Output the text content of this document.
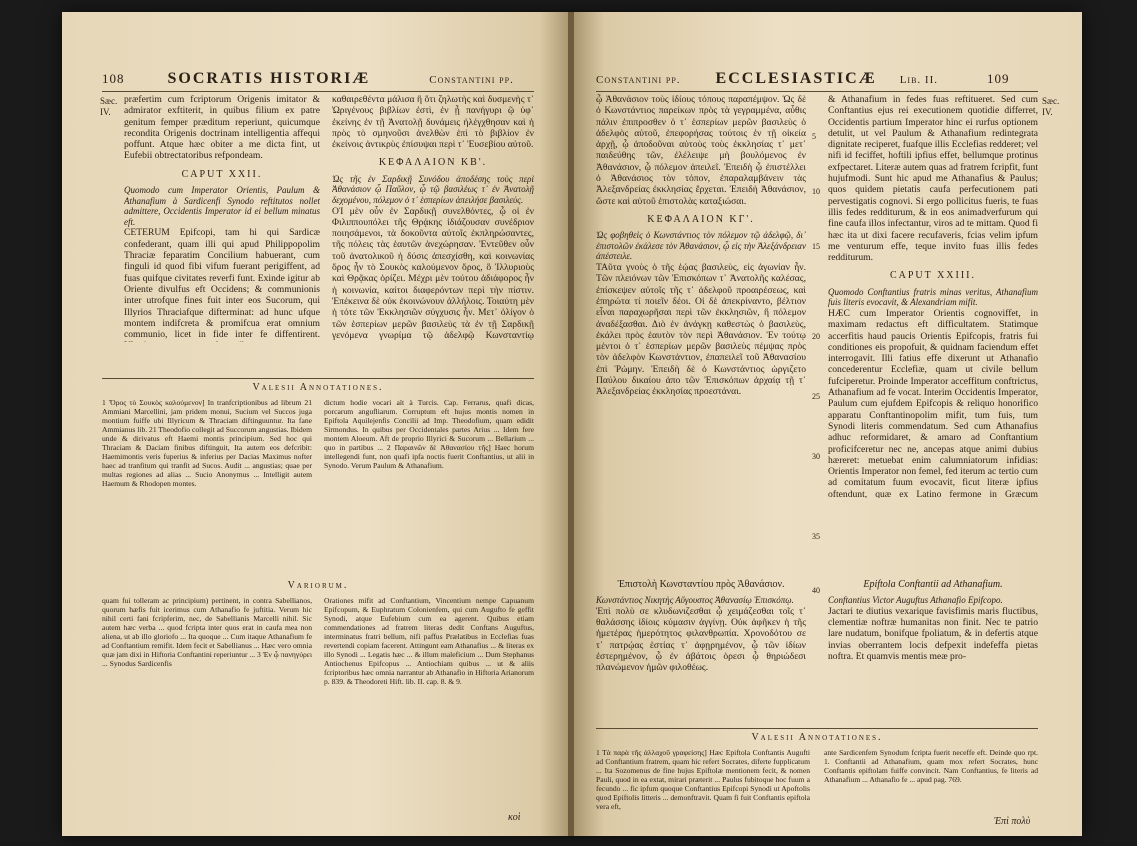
108	SOCRATIS HISTORIÆ	Constantini pp.
Sæc. IV.

præfertim cum fcriptorum Origenis imitator & admirator exftiterit, in quibus filium ex patre genitum femper præditum reperiunt, quicumque recondita Origenis doctrinam intelligentia affequi poffunt. Atque hæc obiter a me dicta fint, ut Eufebii obtrectatoribus refpondeam.

CAPUT XXII.

Quomodo cum Imperator Orientis, Paulum & Athanafium à Sardicenfi Synodo reftitutos nollet admittere, Occidentis Imperator id ei bellum minatus eft.

CETERUM Epifcopi, tam hi qui Sardicæ confederant, quam illi qui apud Philippopolim Thraciæ feparatim Concilium habuerant, cum finguli id quod fibi vifum fuerant perigiffent, ad fuas quifque civitates reverfi funt. Exinde igitur ab Oriente divulfus eft Occidens; & communionis inter utrofque fines fuit inter eos Sucorum, qui Illyrios Thraciafque difterminat: ad hunc ufque montem indifcreta & promifcua erat omnium communio, licet in fide inter fe diffentirent.

καθαιρεθέντα μάλισα ἢ ὅτι ζηλωτὴς καὶ δυσμενὴς τ᾽ Ὠριγένους βιβλίων ἐστὶ, ἐν ᾗ πανήγυρι ῷ ὑφ᾽ ἐκείνης ἐν τῇ Ἀνατολῇ δυνάμεις ἠλέγχθησαν καὶ ἡ πρὸς τὸ σμηνοῦσι ἀνελθὼν ἐπὶ τὸ βιβλίον ἐν ἐκείνοις ἀντικρὺς ἐπίσυψαι περὶ τ᾽ Ἐυσεβίου αὐτοῦ.

ΚΕΦΑΛΑΙΟΝ ΚΒ'.

Ὡς τῆς ἐν Σαρδικῇ Συνόδου ἀποδέσης τοὺς περὶ Ἀθανάσιον ᾧ Παῦλον, ᾧ τῷ βασιλέως τ᾽ ἐν Ἀνατολῇ δεχομένου, πόλεμον ὁ τ᾽ ἑσπερίων ἀπειλήσε βασιλεύς.

ΟἹ μὲν οὖν ἐν Σαρδικῇ συνελθόντες, ᾧ οἱ ἐν Φιλιππουπόλει τῆς Θρᾴκης ἰδιάζουσαν συνέδριον ποιησάμενοι, τὰ δοκοῦντα αὐτοῖς ἐκπληρώσαντες, τῆς πόλεις τὰς ἑαυτῶν ἀνεχώρησαν. Ἐντεῦθεν οὖν τοῦ ἀνατολικοῦ ἡ δύσις ἀπεσχίσθη, καὶ κοινωνίας ὅρος ἦν τὸ Σουκὸς καλούμενον ὄρος, ὃ Ἰλλυριοὺς καὶ Θρᾷκας ὁρίζει. Μέχρι μὲν τούτου ἀδιάφορος ἦν ἡ κοινωνία, καίτοι διαφερόντων περὶ τὴν πίστιν. Ἐπέκεινα δὲ οὐκ ἐκοινώνουν ἀλλήλοις. Τοιαύτη μὲν ἡ τότε τῶν Ἐκκλησιῶν σύγχυσις ἦν. Μετ᾽ ὀλίγον ὁ τῶν ἑσπερίων μερῶν βασιλεὺς τὰ ἐν τῇ Σαρδικῇ γενόμενα γνωρίμα τῷ ἀδελφῷ Κωνσταντίῳ

Valesii Annotationes.

1 Ὅρος τὸ Σουκὸς καλούμενον] In tranfcriptionibus ad librum 21 Ammiani Marcellini, jam pridem monui, Sucium vel Succos juga montium fuiffe ubi Illyricum & Thraciam diftinguuntur. Ita fane Ammianus lib. 21 Theodofio collegit ad Succorum angustias. Ibidem unde & dirivatus eft Haemi montis principium. Sed hoc qui Thraciam & Daciam finibus diftinguit, Ita autem eos defcribit: Haemimontis veris fuperius & inferius per Dacias Maximus nofter haec ad tranfitum qui tranfit ad Sucos. Audit ... angustias; quae per multas regiones ad alias ... Sucio Anonymus ... Intelligit autem Haemum & Rhodopen montes.

dictum hodie vocari aït à Turcis. Cap. Ferrarus, quafi dicas, porcarum angufliarum. Corruptum eft hujus montis nomen in Epiftola Aquilejenfis Concilii ad Imp. Theodofium, quam edidit Sirmondus. In quibus per Occidentales partes Arius ... Idem fere montem Aloeum. Aft de proprio Illyrici & Sucorum ... Bellarium ... quo in partibus ... 2 Παραινῶν δὲ Ἀθανασίου τῆς] Haec horum intellegendi funt, non quafi ipfa noctis fuerit Conftantius, ut alii in Synodo. Verum Paulum & Athanafium.

Variorum.

quam fui tolleram ac principium) pertinent, in contra Sabellianos, quorum hæfis fuit icerimus cum Athanafio fe juftitia. Verum hic nihil certi fani fcripferim, nec, de Sabellianis Marcelli nihil. Sic autem hæc verba ... quod fcripta inter quos erat in caufa mea non aliena, ut ab illo gloriofo ... Ita quoque ... Cum itaque Athanafium fe ad Conftantium remifit. Idem fecit et Sabellianus ... Hæc vero omnia quæ jam dixi in Hiftoria Conftantini reperiuntur ... 3 Ἐν ᾧ πανηγύρει ... Synodus Sardicenfis

Orationes mifit ad Conftantium, Vincentium nempe Capuanum Epifcopum, & Euphratum Colonienfem, qui cum Augufto fe geffit Synodi, atque Eufebium cum ea agerent. Quibus etiam commendationes ad fratrem literas dedit Conftans Auguftus, interminatus fratri bellum, nifi paffus Prælatibus in Ecclefias fuas revertendi copiam facerent. Attingunt eam Athanafius ... & literas ex illo Synodi ... Legatis hæc ... & illum maleficium ... Dum Stephanus Antiochenus Epifcopus ... Antiochiam quibus ... ut & aliis fcriptoribus hæc omnia narrantur ab Athanafio in Hiftoria Arianorum p. 839. & Theodoreti Hift. lib. II. cap. 8. & 9.

κοὶ
Constantini pp. ECCLESIASTICÆ Lib. II.	109
Sæc. IV.

ᾧ Ἀθανάσιον τοὺς ἰδίους τόπους παραπέμψον. Ὡς δὲ ὁ Κωνστάντιος παρείκων πρὸς τὰ γεγραμμένα, αὖθις πάλιν ἐπιπροσθεν ὁ τ᾽ ἑσπερίων μερῶν βασιλεὺς ὁ ἀδελφὸς αὐτοῦ, ἐπεφορήσας τούτοις ἐν τῇ οἰκεία ἀρχῇ, ᾧ ἀποδοῦναι αὐτοὺς τοὺς ἐκκλησίας τ᾽ μετ᾽ παιδεύθης τῶν, ἐλέλειψε μὴ βουλόμενος ἐν Ἀθανάσιον, ᾧ πόλεμον ἀπειλεῖ. Ἐπειδὴ ᾧ ἐπιστέλλει ὁ Ἀθανάσιος τὸν τόπον, ἐπαραλαμβάνειν τὰς Ἀλεξανδρείας ἐκκλησίας ἔρχεται. Ἐπειδὴ Ἀθανάσιον, ὥστε καὶ αὐτοῦ ἐπιστολὰς καταξιώσαι.

ΚΕΦΑΛΑΙΟΝ ΚΓ'.

Ὡς φοβηθεὶς ὁ Κωνστάντιος τὸν πόλεμον τῷ ἀδελφῷ, δι᾽ ἐπιστολῶν ἐκάλεσε τὸν Ἀθανάσιον, ᾧ εἰς τὴν Ἀλεξάνδρειαν ἀπέστειλε.

ΤΑῦτα γνοὺς ὁ τῆς ἑῴας βασιλεὺς, εἰς ἀγωνίαν ἦν. Τῶν πλειόνων τῶν Ἐπισκόπων τ᾽ Ἀνατολῆς καλέσας, ἐπίσκεψεν αὐτοῖς τῆς τ᾽ ἀδελφοῦ προαιρέσεως, καὶ ἐπηρώτα τί ποιεῖν δέοι. Οἱ δὲ ἀπεκρίναντο, βέλτιον εἶναι παραχωρῆσαι περὶ τῶν ἐκκλησιῶν, ἢ πόλεμον ἀναδέξασθαι. Διὸ ἐν ἀνάγκῃ καθεστὼς ὁ βασιλεὺς, ἐκάλει πρὸς ἑαυτὸν τὸν περὶ Ἀθανάσιον. Ἐν τούτῳ μέντοι ὁ τ᾽ ἑσπερίων μερῶν βασιλεὺς πέμψας πρὸς τὸν ἀδελφὸν Κωνστάντιον, ἐπαπειλεῖ τοῦ Ἀθανασίου ἐπὶ Ῥώμην. Ἐπειδὴ δὲ ὁ Κωνστάντιος ὠργιζετο Παύλου δικαίου ἀπο τῶν Ἐπισκόπων ἀρχαίᾳ τῇ τ᾽ Ἀλεξανδρείας ἐκκλησίας προεστάναι.

& Athanafium in fedes fuas reftitueret. Sed cum Conftantius ejus rei executionem quotidie differret, Occidentis partium Imperator hinc ei rurfus optionem detulit, ut vel Paulum & Athanafium redintegrata dignitate reciperet, fuafque illis Ecclefias redderet; vel nifi id feciffet, hoftili ipfius effet, bellumque protinus exfpectaret. Literæ autem quas ad fratrem fcripfit, funt hujufmodi. Sunt hic apud me Athanafius & Paulus; quos quidem pietatis caufa perfecutionem pati pervestigatis cognovi. Si ergo pollicitus fueris, te fuas illis fedes redditurum, & in eos animadverfurum qui fine caufa illos infectantur, viros ad te mittam. Quod fi hæc ita ut dixi facere recufaveris, fcias velim ipfum me venturum effe, teque invito fuas illis fedes redditurum.

CAPUT XXIII.

Quomodo Conftantius fratris minas veritus, Athanafium fuis literis evocavit, & Alexandriam mifit.

HÆC cum Imperator Orientis cognoviffet, in maximam redactus eft difficultatem. Statimque accerfitis haud paucis Orientis Epifcopis, fratris fui conditiones eis propofuit, & quidnam faciendum effet interrogavit. Illi fatius effe dixerunt ut Athanafio concederentur Ecclefiæ, quam ut civile bellum fufciperetur. Proinde Imperator acceffitum conftrictus, Athanafium ad fe vocat. Interim Occidentis Imperator, Paulum cum ejufdem Epifcopis & reliquo honorifico apparatu Conftantinopolim mifit, tum fuis, tum Synodi literis commendatum. Sed cum Athanafius adhuc reformidaret, & amaro ad Conftantium proficifceretur nec ne, ancepas atque animi dubius hæreret: metuebat enim calumniatorum infidias: Orientis Imperator non femel, fed iterum ac tertio cum ad comitatum fuum evocavit, ficut literæ ipfius oftendunt, quæ ex Latino fermone in Græcum

Ἐπιστολὴ Κωνσταντίου πρὸς Ἀθανάσιον.

Κωνστάντιος Νικητὴς Αὔγουστος Ἀθανασίῳ Ἐπισκόπῳ.

Ἐπὶ πολὺ σε κλυδωνιζεσθαι ᾧ χειμάζεσθαι τοῖς τ᾽ θαλάσσης ἰδίοις κύμασιν ἀγγίνῃ. Οὐκ ἀφῆκεν ἡ τῆς ἡμετέρας ἡμερότητος φιλανθρωπία. Χρονοδότου σε τ᾽ πατρῴας ἑστίας τ᾽ ἀφῃρημένον, ᾧ τῶν ἰδίων ἐστερημένον, ᾧ ἐν ἀβάτοις ὀρεσι ᾧ θηριώδεσι πλανώμενον ἡμῶν φιλοθέως.

Epiftola Conftantii ad Athanafium.

Conftantius Victor Auguftus Athanafio Epifcopo.

Jactari te diutius vexarique favisfimis maris fluctibus, clementiæ noftræ humanitas non finit. Nec te patrio lare nudatum, bonifque fpoliatum, & in defertis atque invias oberrantem locis defpexit indefeffa pietas noftra. Et quamvis mentis meæ pro-

5
10
15
20
25
30
35
40
Valesii Annotationes.

1 Τὰ παρὰ τῆς ἀλλαχοῦ γραφείσης] Hæc Epiftola Conftantis Augufti ad Conftantium fratrem, quam hic refert Socrates, diferte fupplicatum ... Ita Sozomenus de fine hujus Epiftolæ mentionem fecit, & nomen Pauli, quod in ea extat, mirari præterit ... Paulus fubitoque hoc fuum a fecundo ... fic ipfum quoque Conftantius Epifcopi Synodi ut Apoftolis quod Epiftolis litteris ... demonftravit. Quam fi fuit Conftantis epiftola vera eft,

ante Sardicenfem Synodum fcripta fuerit neceffe eft. Deinde quo rpt. 1. Conftantii ad Athanafium, quam mox refert Socrates, hunc Conftantis epiftolam fuiffe convincit. Nam Conftantius, fe literis ad Athanafium ... Athanafio fe ... apud pag. 769.

Ἐπὶ πολὺ
